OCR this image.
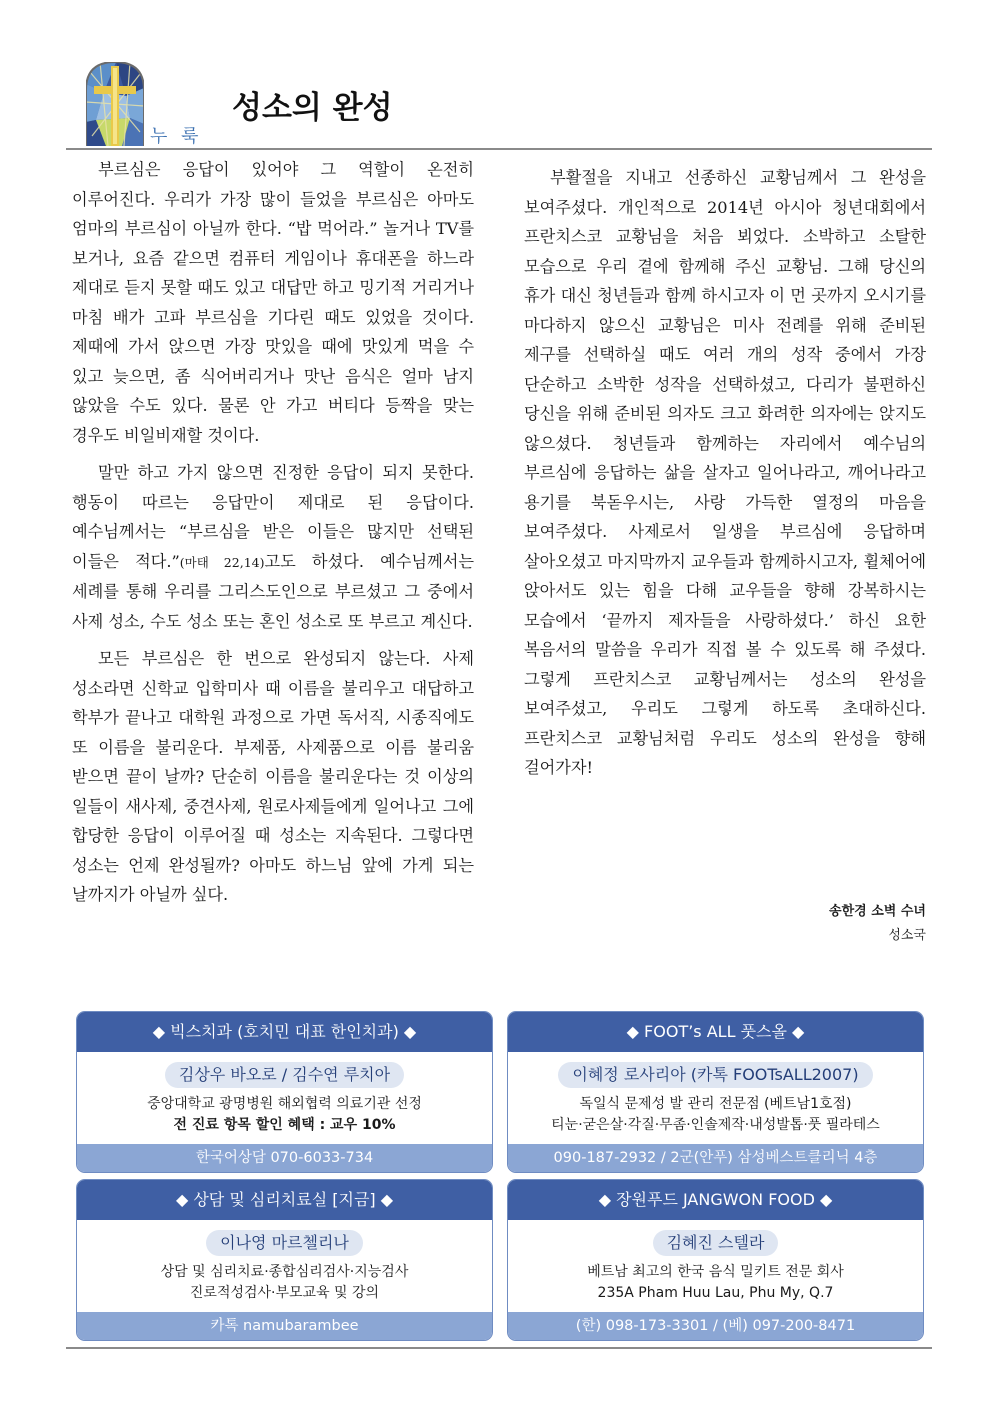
누 룩
성소의 완성

부르심은 응답이 있어야 그 역할이 온전히 이루어진다. 우리가 가장 많이 들었을 부르심은 아마도 엄마의 부르심이 아닐까 한다. “밥 먹어라.” 놀거나 TV를 보거나, 요즘 같으면 컴퓨터 게임이나 휴대폰을 하느라 제대로 듣지 못할 때도 있고 대답만 하고 밍기적 거리거나 마침 배가 고파 부르심을 기다린 때도 있었을 것이다. 제때에 가서 앉으면 가장 맛있을 때에 맛있게 먹을 수 있고 늦으면, 좀 식어버리거나 맛난 음식은 얼마 남지 않았을 수도 있다. 물론 안 가고 버티다 등짝을 맞는 경우도 비일비재할 것이다.

말만 하고 가지 않으면 진정한 응답이 되지 못한다. 행동이 따르는 응답만이 제대로 된 응답이다. 예수님께서는 “부르심을 받은 이들은 많지만 선택된 이들은 적다.”(마태 22,14)고도 하셨다. 예수님께서는 세례를 통해 우리를 그리스도인으로 부르셨고 그 중에서 사제 성소, 수도 성소 또는 혼인 성소로 또 부르고 계신다.

모든 부르심은 한 번으로 완성되지 않는다. 사제 성소라면 신학교 입학미사 때 이름을 불리우고 대답하고 학부가 끝나고 대학원 과정으로 가면 독서직, 시종직에도 또 이름을 불리운다. 부제품, 사제품으로 이름 불리움 받으면 끝이 날까? 단순히 이름을 불리운다는 것 이상의 일들이 새사제, 중견사제, 원로사제들에게 일어나고 그에 합당한 응답이 이루어질 때 성소는 지속된다. 그렇다면 성소는 언제 완성될까? 아마도 하느님 앞에 가게 되는 날까지가 아닐까 싶다.

부활절을 지내고 선종하신 교황님께서 그 완성을 보여주셨다. 개인적으로 2014년 아시아 청년대회에서 프란치스코 교황님을 처음 뵈었다. 소박하고 소탈한 모습으로 우리 곁에 함께해 주신 교황님. 그해 당신의 휴가 대신 청년들과 함께 하시고자 이 먼 곳까지 오시기를 마다하지 않으신 교황님은 미사 전례를 위해 준비된 제구를 선택하실 때도 여러 개의 성작 중에서 가장 단순하고 소박한 성작을 선택하셨고, 다리가 불편하신 당신을 위해 준비된 의자도 크고 화려한 의자에는 앉지도 않으셨다. 청년들과 함께하는 자리에서 예수님의 부르심에 응답하는 삶을 살자고 일어나라고, 깨어나라고 용기를 북돋우시는, 사랑 가득한 열정의 마음을 보여주셨다. 사제로서 일생을 부르심에 응답하며 살아오셨고 마지막까지 교우들과 함께하시고자, 휠체어에 앉아서도 있는 힘을 다해 교우들을 향해 강복하시는 모습에서 ‘끝까지 제자들을 사랑하셨다.’ 하신 요한 복음서의 말씀을 우리가 직접 볼 수 있도록 해 주셨다. 그렇게 프란치스코 교황님께서는 성소의 완성을 보여주셨고, 우리도 그렇게 하도록 초대하신다. 프란치스코 교황님처럼 우리도 성소의 완성을 향해 걸어가자!

송한경 소벽 수녀
성소국
◆ 빅스치과 (호치민 대표 한인치과) ◆
김상우 바오로 / 김수연 루치아
중앙대학교 광명병원 해외협력 의료기관 선정
전 진료 항목 할인 혜택 : 교우 10%
한국어상담 070-6033-734
◆ FOOT’s ALL 풋스올 ◆
이혜정 로사리아 (카톡 FOOTsALL2007)
독일식 문제성 발 관리 전문점 (베트남1호점)
티눈·굳은살·각질·무좀·인솔제작·내성발톱·풋 필라테스
090-187-2932 / 2군(안푸) 삼성베스트클리닉 4층
◆ 상담 및 심리치료실 [지금] ◆
이나영 마르첼리나
상담 및 심리치료·종합심리검사·지능검사
진로적성검사·부모교육 및 강의
카톡 namubarambee
◆ 장원푸드 JANGWON FOOD ◆
김혜진 스텔라
베트남 최고의 한국 음식 밀키트 전문 회사
235A Pham Huu Lau, Phu My, Q.7
(한) 098-173-3301 / (베) 097-200-8471
